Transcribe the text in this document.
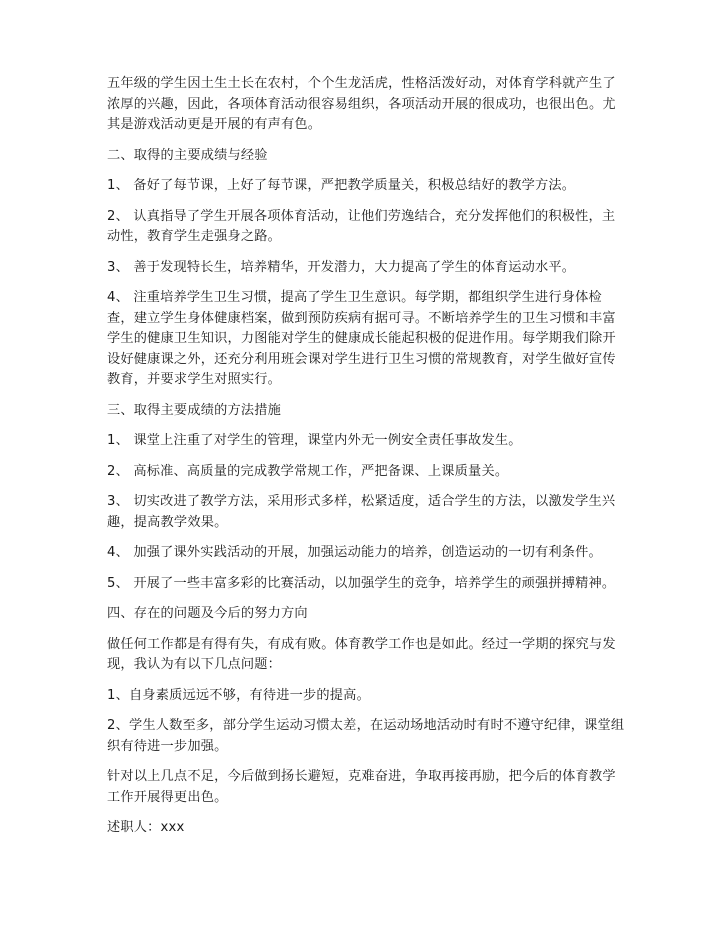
五年级的学生因土生土长在农村，个个生龙活虎，性格活泼好动，对体育学科就产生了浓厚的兴趣，因此，各项体育活动很容易组织，各项活动开展的很成功，也很出色。尤其是游戏活动更是开展的有声有色。

二、取得的主要成绩与经验

1、 备好了每节课，上好了每节课，严把教学质量关，积极总结好的教学方法。

2、 认真指导了学生开展各项体育活动，让他们劳逸结合，充分发挥他们的积极性，主动性，教育学生走强身之路。

3、 善于发现特长生，培养精华，开发潜力，大力提高了学生的体育运动水平。

4、 注重培养学生卫生习惯，提高了学生卫生意识。每学期，都组织学生进行身体检查，建立学生身体健康档案，做到预防疾病有据可寻。不断培养学生的卫生习惯和丰富学生的健康卫生知识，力图能对学生的健康成长能起积极的促进作用。每学期我们除开设好健康课之外，还充分利用班会课对学生进行卫生习惯的常规教育，对学生做好宣传教育，并要求学生对照实行。

三、取得主要成绩的方法措施

1、 课堂上注重了对学生的管理，课堂内外无一例安全责任事故发生。

2、 高标准、高质量的完成教学常规工作，严把备课、上课质量关。

3、 切实改进了教学方法，采用形式多样，松紧适度，适合学生的方法，以激发学生兴趣，提高教学效果。

4、 加强了课外实践活动的开展，加强运动能力的培养，创造运动的一切有利条件。

5、 开展了一些丰富多彩的比赛活动，以加强学生的竞争，培养学生的顽强拼搏精神。

四、存在的问题及今后的努力方向

做任何工作都是有得有失，有成有败。体育教学工作也是如此。经过一学期的探究与发现，我认为有以下几点问题：

1、自身素质远远不够，有待进一步的提高。

2、学生人数至多，部分学生运动习惯太差，在运动场地活动时有时不遵守纪律，课堂组织有待进一步加强。

针对以上几点不足，今后做到扬长避短，克难奋进，争取再接再励，把今后的体育教学工作开展得更出色。

述职人：xxx
